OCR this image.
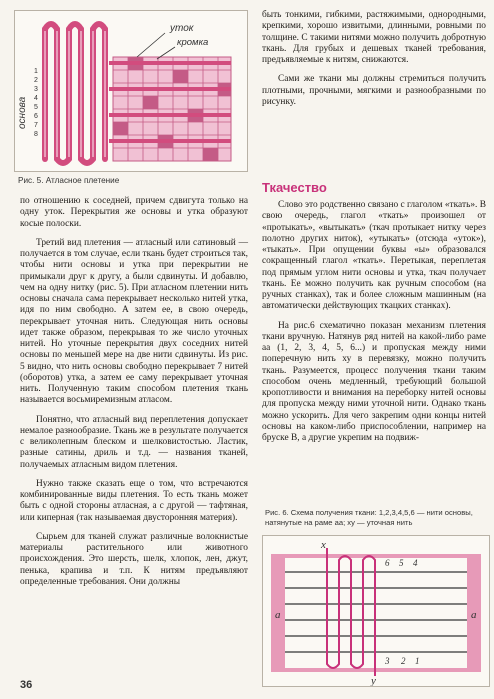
уток
кромка
основа
1
2
3
4
5
6
7
8
Рис. 5. Атласное плетение

быть тонкими, гибкими, растяжимыми, однородными, крепкими, хорошо извитыми, длинными, ровными по толщине. С такими нитями можно получить добротную ткань. Для грубых и дешевых тканей требования, предъявляемые к нитям, снижаются.

Сами же ткани мы должны стремиться получить плотными, прочными, мягкими и разнообразными по рисунку.

Ткачество

по отношению к соседней, причем сдвигута только на одну уток. Перекрытия же основы и утка образуют косые полоски.

Третий вид плетения — атласный или сатиновый — получается в том случае, если ткань будет строиться так, чтобы нити основы и утка при перекрытии не примыкали друг к другу, а были сдвинуты. И добавлю, чем на одну нитку (рис. 5). При атласном плетении нить основы сначала сама перекрывает несколько нитей утка, идя по ним свободно. А затем ее, в свою очередь, перекрывает уточная нить. Следующая нить основы идет также образом, перекрывая то же число уточных нитей. Но уточные перекрытия двух соседних нитей основы по меньшей мере на две нити сдвинуты. Из рис. 5 видно, что нить основы свободно перекрывает 7 нитей (оборотов) утка, а затем ее саму перекрывает уточная нить. Полученную таким способом плетения ткань называется восьмиремизным атласом.

Понятно, что атласный вид переплетения допускает немалое разнообразие. Ткань же в результате получается с великолепным блеском и шелковистостью. Ластик, разные сатины, дриль и т.д. — названия тканей, получаемых атласным видом плетения.

Нужно также сказать еще о том, что встречаются комбинированные виды плетения. То есть ткань может быть с одной стороны атласная, а с другой — тафтяная, или киперная (так называемая двусторонняя материя).

Сырьем для тканей служат различные волокнистые материалы растительного или животного происхождения. Это шерсть, шелк, хлопок, лен, джут, пенька, крапива и т.п. К нитям предъявляют определенные требования. Они должны

Слово это родственно связано с глаголом «ткать». В свою очередь, глагол «ткать» произошел от «протыкать», «вытыкать» (ткач протыкает нитку через полотно других ниток), «утыкать» (отсюда «уток»), «тыкать». При опущении буквы «ы» образовался сокращенный глагол «ткать». Перетыкая, переплетая под прямым углом нити основы и утка, ткач получает ткань. Ее можно получить как ручным способом (на ручных станках), так и более сложным машинным (на автоматически действующих ткацких станках).

На рис.6 схематично показан механизм плетения ткани вручную. Натянув ряд нитей на какой-либо раме аа (1, 2, 3, 4, 5, 6...) и пропуская между ними поперечную нить ху в перевязку, можно получить ткань. Разумеется, процесс получения ткани таким способом очень медленный, требующий большой кропотливости и внимания на переборку нитей основы для пропуска между ними уточной нити. Однако ткань можно ускорить. Для чего закрепим одни концы нитей основы на каком-либо приспособлении, например на бруске В, а другие укрепим на подвиж-

Рис. 6. Схема получения ткани: 1,2,3,4,5,6 — нити основы, натянутые на раме аа; ху — уточная нить
а	а
х
у
6 5 4
3 2 1
36
